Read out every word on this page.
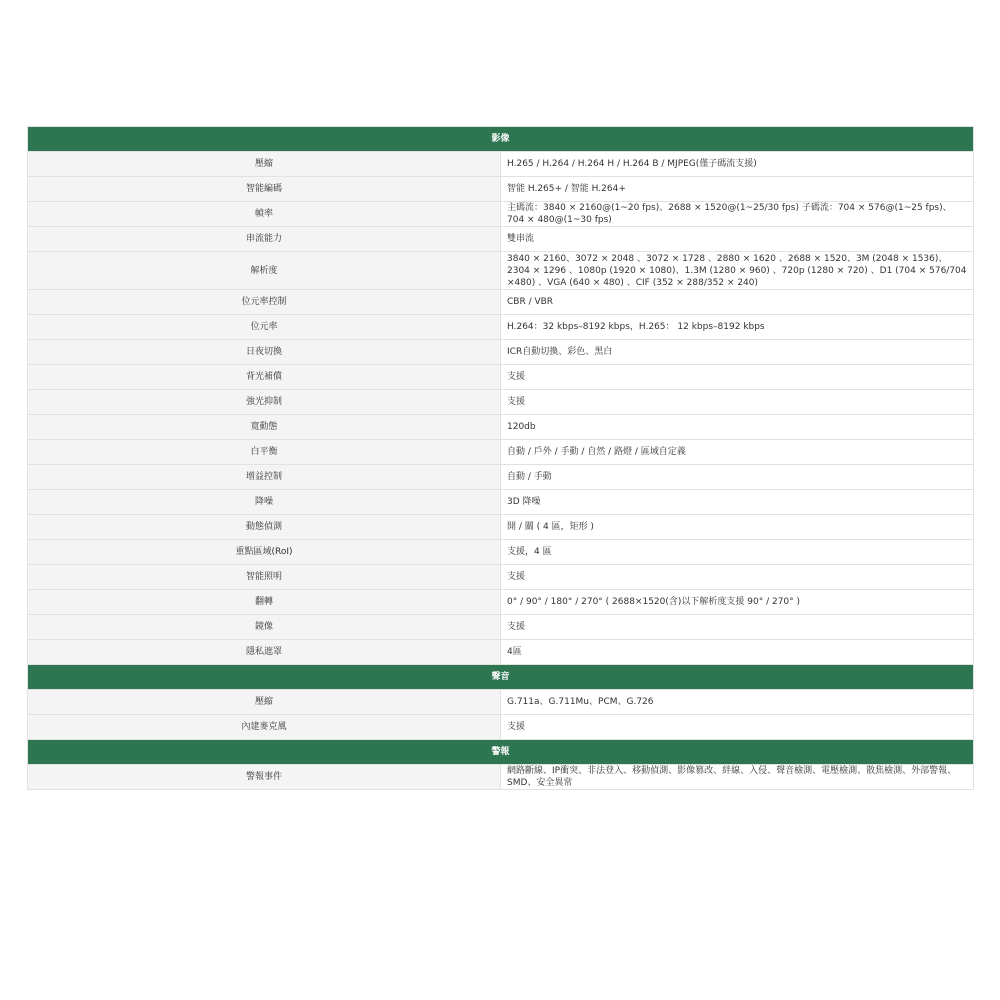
影像	
壓縮	H.265 / H.264 / H.264 H / H.264 B / MJPEG(僅子碼流支援)
智能編碼	智能 H.265+ / 智能 H.264+
幀率	主碼流：3840 × 2160@(1~20 fps)、2688 × 1520@(1~25/30 fps) 子碼流：704 × 576@(1~25 fps)、704 × 480@(1~30 fps)
串流能力	雙串流
解析度	3840 × 2160、3072 × 2048 、3072 × 1728 、2880 × 1620 、2688 × 1520、3M (2048 × 1536)、2304 × 1296 、1080p (1920 × 1080)、1.3M (1280 × 960) 、720p (1280 × 720) 、D1 (704 × 576/704 ×480) 、VGA (640 × 480) 、CIF (352 × 288/352 × 240)
位元率控制	CBR / VBR
位元率	H.264：32 kbps–8192 kbps，H.265： 12 kbps–8192 kbps
日夜切換	ICR自動切換、彩色、黑白
背光補償	支援
強光抑制	支援
寬動態	120db
白平衡	自動 / 戶外 / 手動 / 自然 / 路燈 / 區域自定義
增益控制	自動 / 手動
降噪	3D 降噪
動態偵測	開 / 關 ( 4 區，矩形 )
重點區域(RoI)	支援，4 區
智能照明	支援
翻轉	0° / 90° / 180° / 270° ( 2688×1520(含)以下解析度支援 90° / 270° )
鏡像	支援
隱私遮罩	4區
聲音	
壓縮	G.711a、G.711Mu、PCM、G.726
內建麥克風	支援
警報	
警報事件	網路斷線、IP衝突、非法登入、移動偵測、影像篡改、絆線、入侵、聲音檢測、電壓檢測、散焦檢測、外部警報、SMD、安全異常
